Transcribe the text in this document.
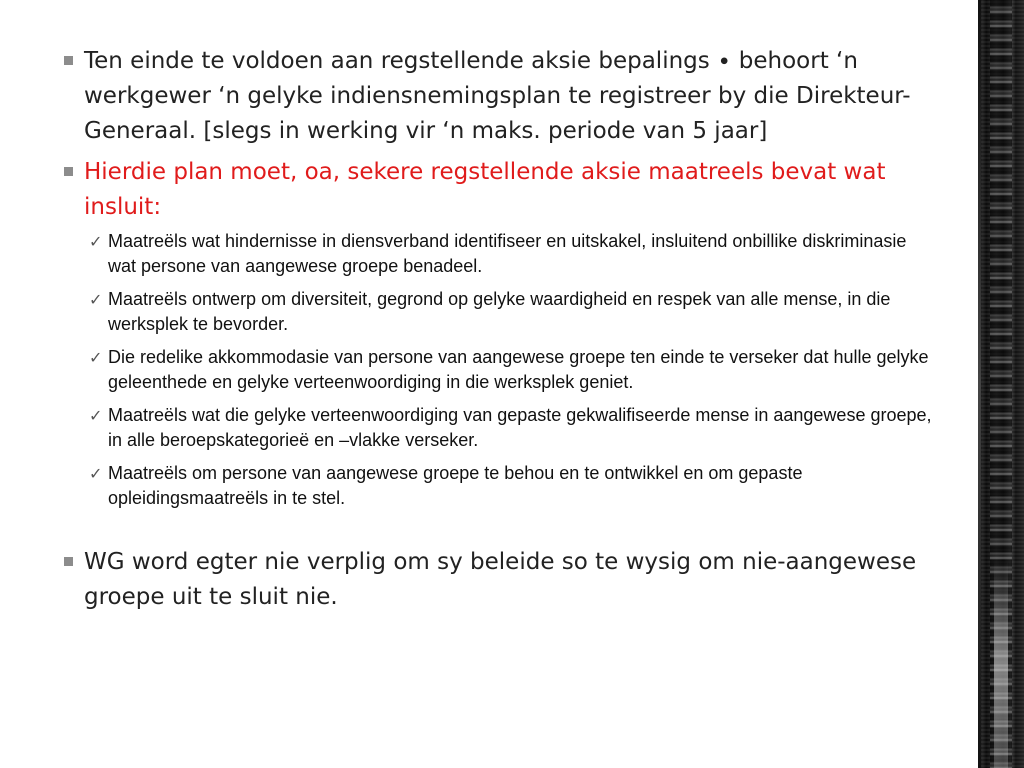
Ten einde te voldoen aan regstellende aksie bepalings ∙ behoort ‘n werkgewer ‘n gelyke indiensnemingsplan te registreer by die Direkteur-Generaal. [slegs in werking vir ‘n maks. periode van 5 jaar]
Hierdie plan moet, oa, sekere regstellende aksie maatreels bevat wat insluit:
✓ Maatreëls wat hindernisse in diensverband identifiseer en uitskakel, insluitend onbillike diskriminasie wat persone van aangewese groepe benadeel.
✓ Maatreëls ontwerp om diversiteit, gegrond op gelyke waardigheid en respek van alle mense, in die werksplek te bevorder.
✓ Die redelike akkommodasie van persone van aangewese groepe ten einde te verseker dat hulle gelyke geleenthede en gelyke verteenwoordiging in die werksplek geniet.
✓ Maatreëls wat die gelyke verteenwoordiging van gepaste gekwalifiseerde mense in aangewese groepe, in alle beroepskategorieë en –vlakke verseker.
✓ Maatreëls om persone van aangewese groepe te behou en te ontwikkel en om gepaste opleidingsmaatreëls in te stel.
WG word egter nie verplig om sy beleide so te wysig om nie-aangewese groepe uit te sluit nie.
